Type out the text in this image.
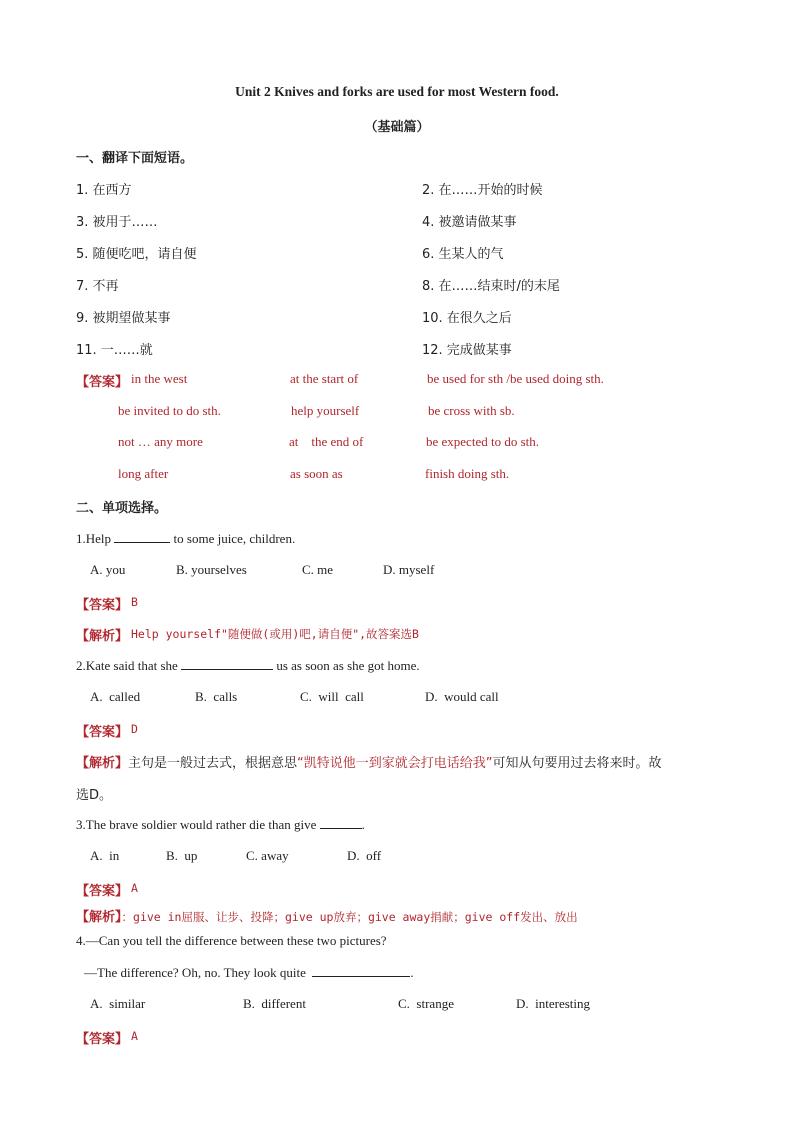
Unit 2 Knives and forks are used for most Western food.
（基础篇）
一、翻译下面短语。
1. 在西方	2. 在……开始的时候
3. 被用于……	4. 被邀请做某事
5. 随便吃吧，请自便	6. 生某人的气
7. 不再	8. 在……结束时/的末尾
9. 被期望做某事	10. 在很久之后
11. 一……就	12. 完成做某事
【答案】 in the west	at the start of	be used for sth /be used doing sth.
be invited to do sth.	help yourself	be cross with sb.
not … any more	at    the end of	be expected to do sth.
long after	as soon as	finish doing sth.
二、单项选择。
1.Help	to some juice, children.
A. you	B. yourselves	C. me	D. myself
【答案】 B
【解析】 Help yourself"随便做(或用)吧,请自便",故答案选B
2.Kate said that she	us as soon as she got home.
A.  called	B.  calls	C.  will  call	D.  would call
【答案】 D
【解析】主句是一般过去式，根据意思“凯特说他一到家就会打电话给我”可知从句要用过去将来时。故
选D。
3.The brave soldier would rather die than give	.
A.  in	B.  up	C. away	D.  off
【答案】 A
【解析】：give in屈服、让步、投降；give up放弃；give away捐献；give off发出、放出
4.—Can you tell the difference between these two pictures?
—The difference? Oh, no. They look quite	.
A.  similar	B.  different	C.  strange	D.  interesting
【答案】 A
